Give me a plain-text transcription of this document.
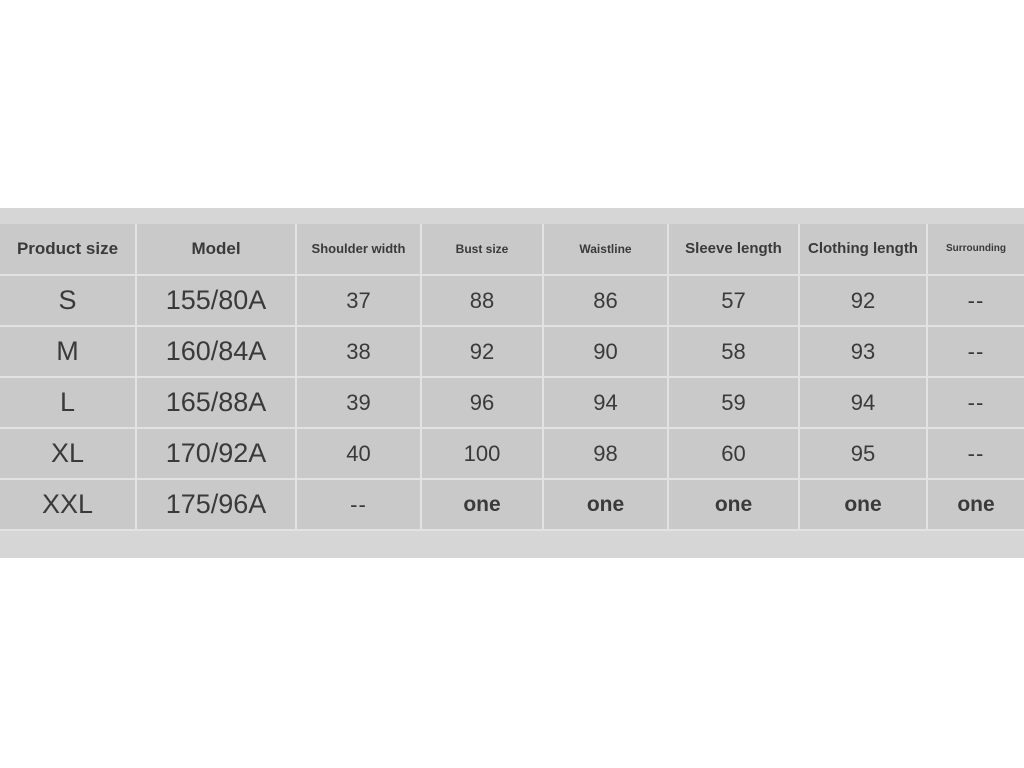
Product size	Model	Shoulder width	Bust size	Waistline	Sleeve length	Clothing length	Surrounding
S	155/80A	37	88	86	57	92	--
M	160/84A	38	92	90	58	93	--
L	165/88A	39	96	94	59	94	--
XL	170/92A	40	100	98	60	95	--
XXL	175/96A	--	one	one	one	one	one
